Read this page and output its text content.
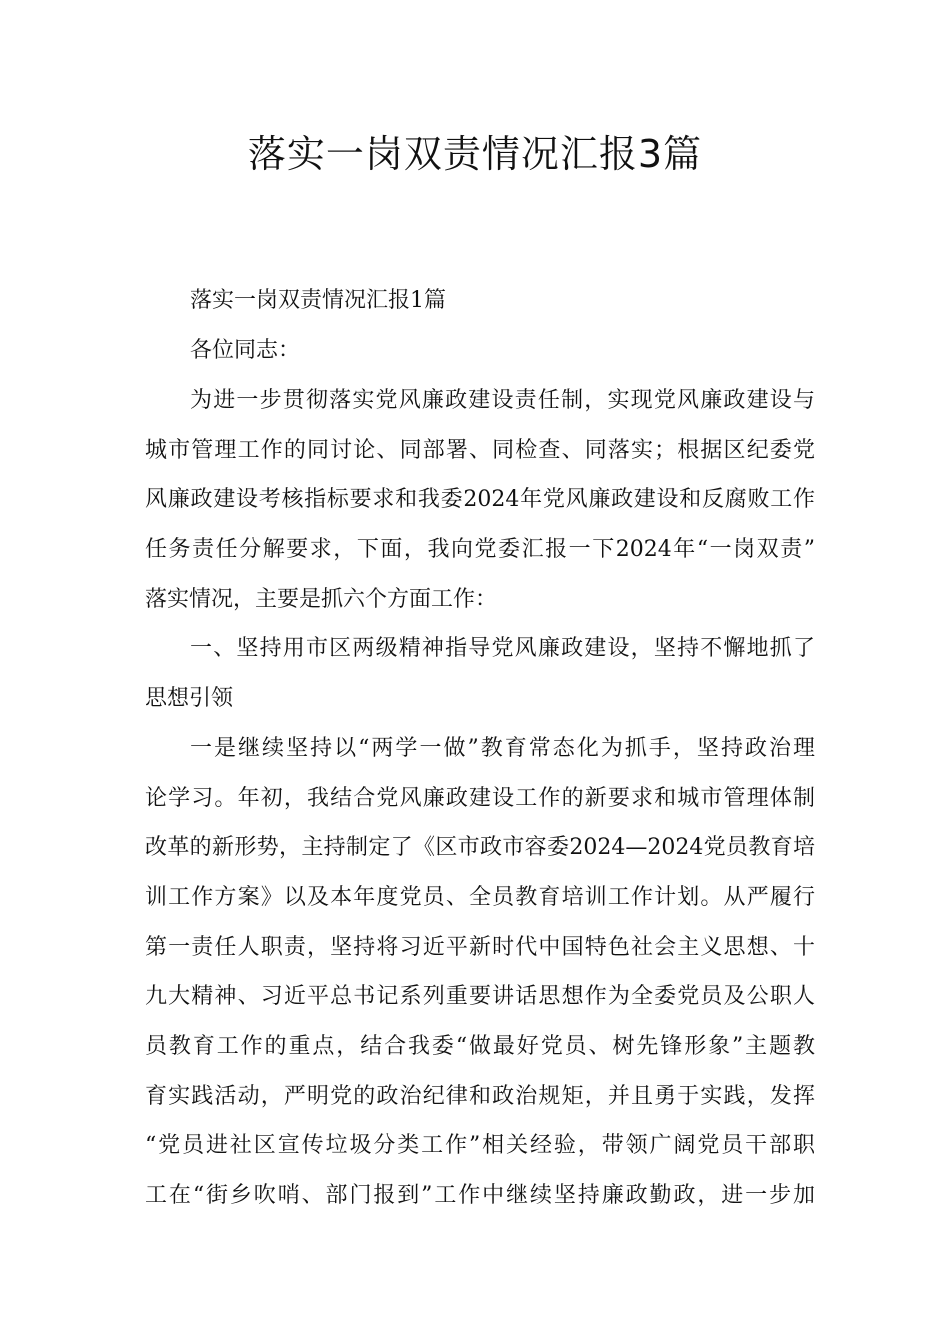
落实一岗双责情况汇报3篇

落实一岗双责情况汇报1篇

各位同志：

为进一步贯彻落实党风廉政建设责任制，实现党风廉政建设与

城市管理工作的同讨论、同部署、同检查、同落实；根据区纪委党

风廉政建设考核指标要求和我委2024年党风廉政建设和反腐败工作

任务责任分解要求，下面，我向党委汇报一下2024年“一岗双责”

落实情况，主要是抓六个方面工作：

一、坚持用市区两级精神指导党风廉政建设，坚持不懈地抓了

思想引领

一是继续坚持以“两学一做”教育常态化为抓手，坚持政治理

论学习。年初，我结合党风廉政建设工作的新要求和城市管理体制

改革的新形势，主持制定了《区市政市容委2024—2024党员教育培

训工作方案》以及本年度党员、全员教育培训工作计划。从严履行

第一责任人职责，坚持将习近平新时代中国特色社会主义思想、十

九大精神、习近平总书记系列重要讲话思想作为全委党员及公职人

员教育工作的重点，结合我委“做最好党员、树先锋形象”主题教

育实践活动，严明党的政治纪律和政治规矩，并且勇于实践，发挥

“党员进社区宣传垃圾分类工作”相关经验，带领广阔党员干部职

工在“街乡吹哨、部门报到”工作中继续坚持廉政勤政，进一步加
